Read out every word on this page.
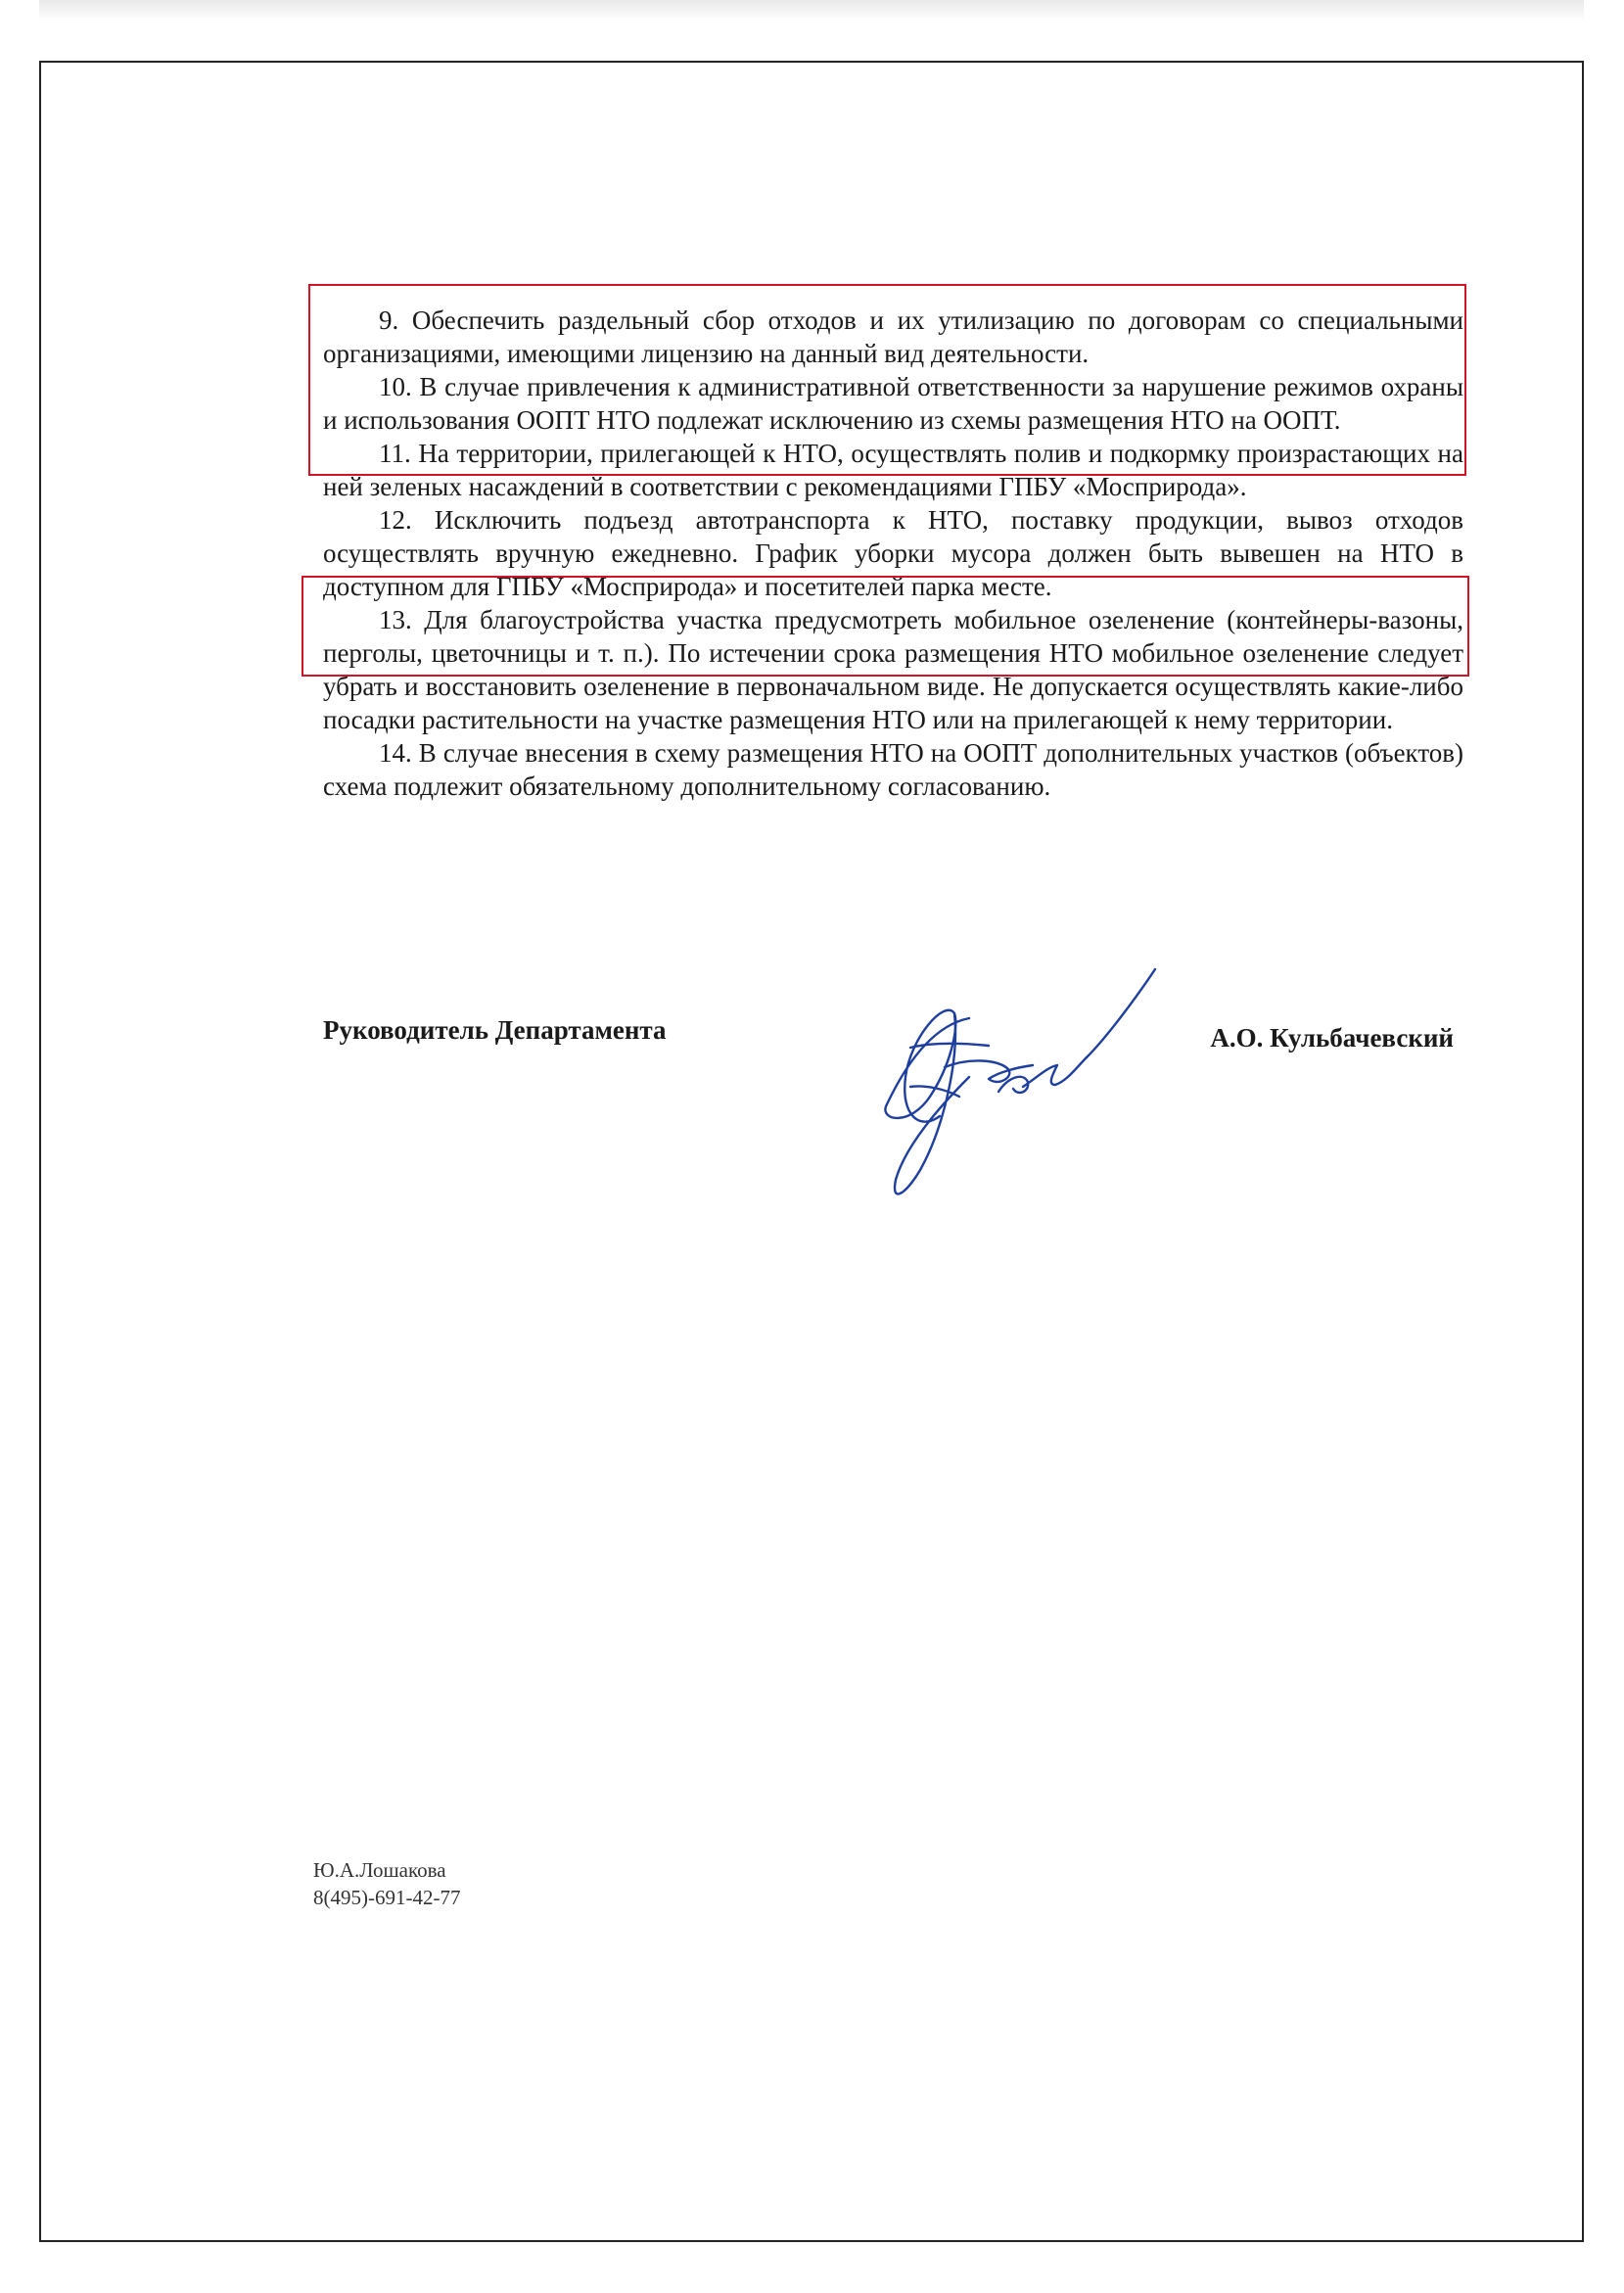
9. Обеспечить раздельный сбор отходов и их утилизацию по договорам со специальными организациями, имеющими лицензию на данный вид деятельности.

10. В случае привлечения к административной ответственности за нарушение режимов охраны и использования ООПТ НТО подлежат исключению из схемы размещения НТО на ООПТ.

11. На территории, прилегающей к НТО, осуществлять полив и подкормку произрастающих на ней зеленых насаждений в соответствии с рекомендациями ГПБУ «Мосприрода».

12. Исключить подъезд автотранспорта к НТО, поставку продукции, вывоз отходов осуществлять вручную ежедневно. График уборки мусора должен быть вывешен на НТО в доступном для ГПБУ «Мосприрода» и посетителей парка месте.

13. Для благоустройства участка предусмотреть мобильное озеленение (контейнеры-вазоны, перголы, цветочницы и т. п.). По истечении срока размещения НТО мобильное озеленение следует убрать и восстановить озеленение в первоначальном виде. Не допускается осуществлять какие-либо посадки растительности на участке размещения НТО или на прилегающей к нему территории.

14. В случае внесения в схему размещения НТО на ООПТ дополнительных участков (объектов) схема подлежит обязательному дополнительному согласованию.

Руководитель Департамента	А.О. Кульбачевский
Ю.А.Лошакова
8(495)-691-42-77
